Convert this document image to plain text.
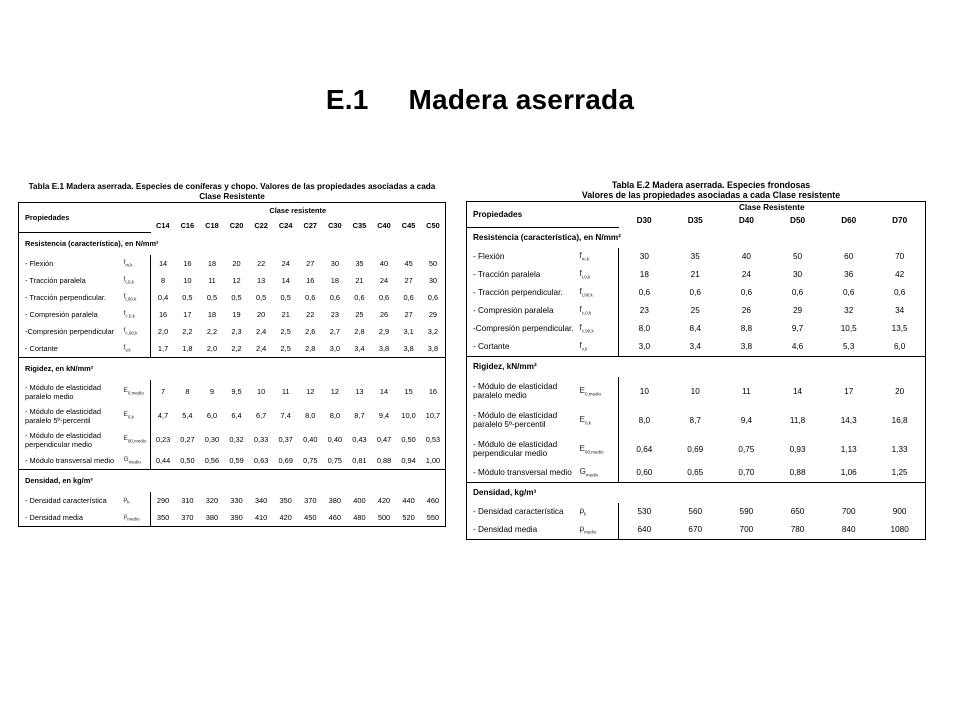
E.1 Madera aserrada
Tabla E.1 Madera aserrada. Especies de coníferas y chopo. Valores de las propiedades asociadas a cada
Clase Resistente
Propiedades		Clase resistente											
		C14	C16	C18	C20	C22	C24	C27	C30	C35	C40	C45	C50
Resistencia (característica), en N/mm²													
- Flexión	$f_{m,k}$	14	16	18	20	22	24	27	30	35	40	45	50
- Tracción paralela	$f_{t,0,k}$	8	10	11	12	13	14	16	18	21	24	27	30
- Tracción perpendicular.	$f_{t,90,k}$	0,4	0,5	0,5	0,5	0,5	0,5	0,6	0,6	0,6	0,6	0,6	0,6
- Compresión paralela	$f_{c,0,k}$	16	17	18	19	20	21	22	23	25	26	27	29
-Compresión perpendicular	$f_{c,90,k}$	2,0	2,2	2,2	2,3	2,4	2,5	2,6	2,7	2,8	2,9	3,1	3,2
- Cortante	$f_{v,k}$	1,7	1,8	2,0	2,2	2,4	2,5	2,8	3,0	3,4	3,8	3,8	3,8
Rigidez, en kN/mm²													
- Módulo de elasticidad paralelo medio	$E_{0,medio}$	7	8	9	9,5	10	11	12	12	13	14	15	16
- Módulo de elasticidad paralelo 5º-percentil	$E_{0,k}$	4,7	5,4	6,0	6,4	6,7	7,4	8,0	8,0	8,7	9,4	10,0	10,7
- Módulo de elasticidad perpendicular medio	$E_{90,medio}$	0,23	0,27	0,30	0,32	0,33	0,37	0,40	0,40	0,43	0,47	0,50	0,53
- Módulo transversal medio	$G_{medio}$	0,44	0,50	0,56	0,59	0,63	0,69	0,75	0,75	0,81	0,88	0,94	1,00
Densidad, en kg/m³													
- Densidad característica	$\rho_k$	290	310	320	330	340	350	370	380	400	420	440	460
- Densidad media	$\rho_{medio}$	350	370	380	390	410	420	450	460	480	500	520	550
Tabla E.2 Madera aserrada. Especies frondosas
Valores de las propiedades asociadas a cada Clase resistente
Propiedades		Clase Resistente					
		D30	D35	D40	D50	D60	D70
Resistencia (característica), en N/mm²							
- Flexión	$f_{m,k}$	30	35	40	50	60	70
- Tracción paralela	$f_{t,0,k}$	18	21	24	30	36	42
- Tracción perpendicular.	$f_{t,90,k}$	0,6	0,6	0,6	0,6	0,6	0,6
- Compresión paralela	$f_{c,0,k}$	23	25	26	29	32	34
-Compresión perpendicular.	$f_{c,90,k}$	8,0	8,4	8,8	9,7	10,5	13,5
- Cortante	$f_{v,k}$	3,0	3,4	3,8	4,6	5,3	6,0
Rigidez, kN/mm²							
- Módulo de elasticidad paralelo medio	$E_{0,medio}$	10	10	11	14	17	20
- Módulo de elasticidad paralelo 5º-percentil	$E_{0,k}$	8,0	8,7	9,4	11,8	14,3	16,8
- Módulo de elasticidad perpendicular medio	$E_{90,medio}$	0,64	0,69	0,75	0,93	1,13	1,33
- Módulo transversal medio	$G_{medio}$	0,60	0,65	0,70	0,88	1,06	1,25
Densidad, kg/m³							
- Densidad característica	$\rho_k$	530	560	590	650	700	900
- Densidad media	$\rho_{medio}$	640	670	700	780	840	1080
